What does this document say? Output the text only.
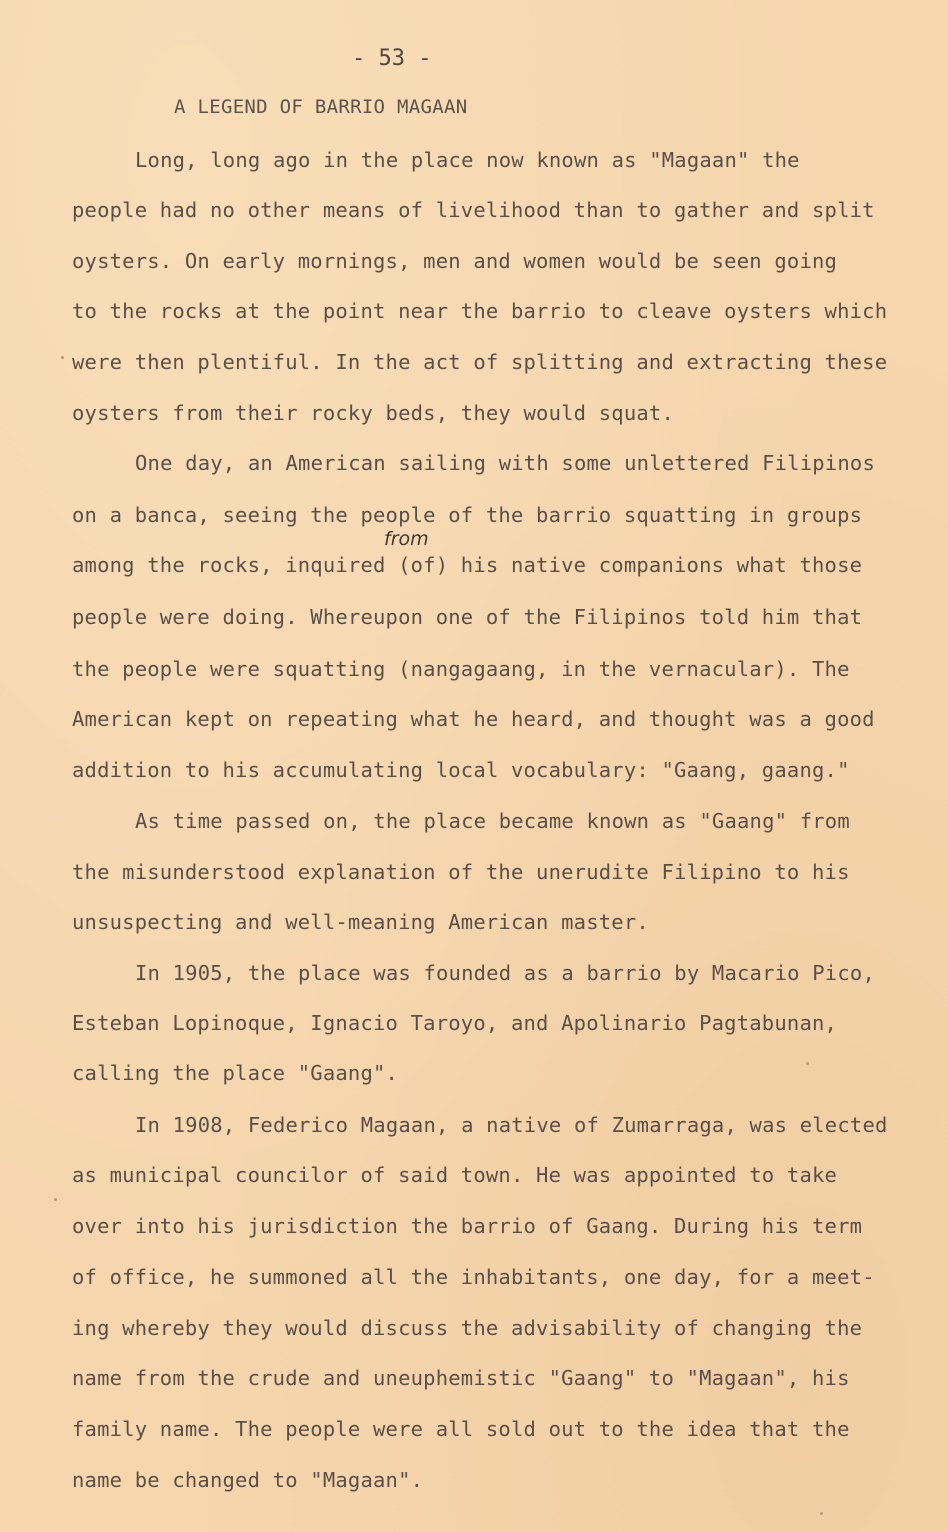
- 53 -
A LEGEND OF BARRIO MAGAAN
from
Long, long ago in the place now known as "Magaan" the
people had no other means of livelihood than to gather and split
oysters. On early mornings, men and women would be seen going
to the rocks at the point near the barrio to cleave oysters which
were then plentiful. In the act of splitting and extracting these
oysters from their rocky beds, they would squat.
One day, an American sailing with some unlettered Filipinos
on a banca, seeing the people of the barrio squatting in groups
among the rocks, inquired (of) his native companions what those
people were doing. Whereupon one of the Filipinos told him that
the people were squatting (nangagaang, in the vernacular). The
American kept on repeating what he heard, and thought was a good
addition to his accumulating local vocabulary: "Gaang, gaang."
As time passed on, the place became known as "Gaang" from
the misunderstood explanation of the unerudite Filipino to his
unsuspecting and well-meaning American master.
In 1905, the place was founded as a barrio by Macario Pico,
Esteban Lopinoque, Ignacio Taroyo, and Apolinario Pagtabunan,
calling the place "Gaang".
In 1908, Federico Magaan, a native of Zumarraga, was elected
as municipal councilor of said town. He was appointed to take
over into his jurisdiction the barrio of Gaang. During his term
of office, he summoned all the inhabitants, one day, for a meet-
ing whereby they would discuss the advisability of changing the
name from the crude and uneuphemistic "Gaang" to "Magaan", his
family name. The people were all sold out to the idea that the
name be changed to "Magaan".
